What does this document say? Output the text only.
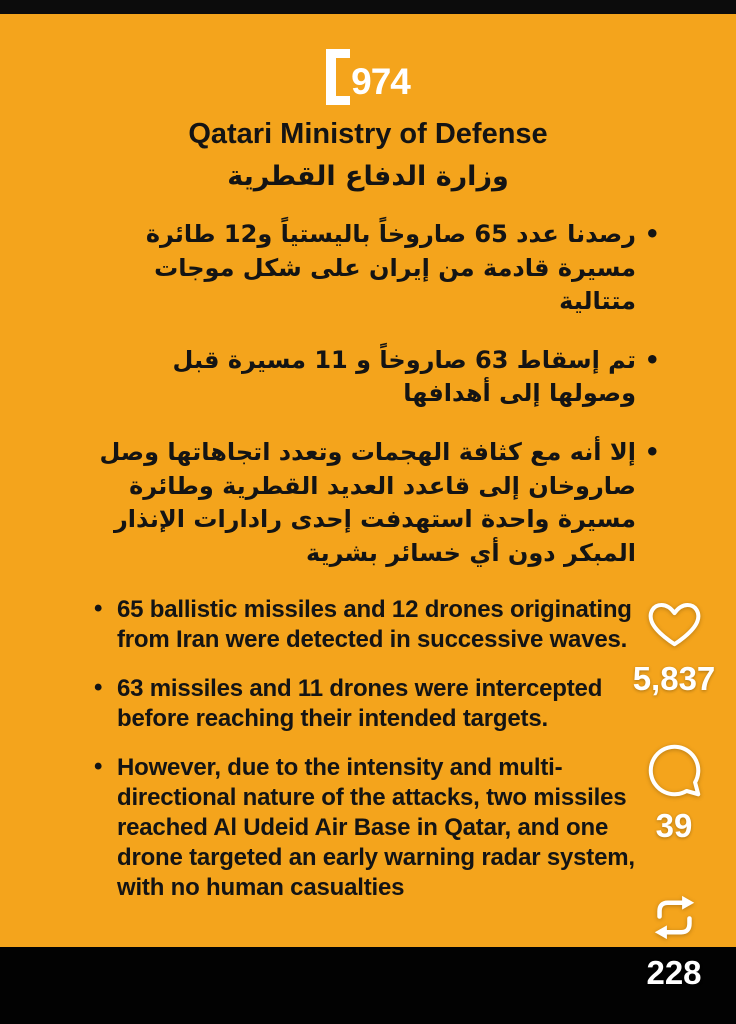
974
Qatari Ministry of Defense
وزارة الدفاع القطرية
• رصدنا عدد 65 صاروخاً باليستياً و12 طائرة مسيرة قادمة من إيران على شكل موجات متتالية
• تم إسقاط 63 صاروخاً و 11 مسيرة قبل وصولها إلى أهدافها
• إلا أنه مع كثافة الهجمات وتعدد اتجاهاتها وصل صاروخان إلى قاعدد العديد القطرية وطائرة مسيرة واحدة استهدفت إحدى رادارات الإنذار المبكر دون أي خسائر بشرية
• 65 ballistic missiles and 12 drones originating from Iran were detected in successive waves.
• 63 missiles and 11 drones were intercepted before reaching their intended targets.
• However, due to the intensity and multi-directional nature of the attacks, two missiles reached Al Udeid Air Base in Qatar, and one drone targeted an early warning radar system, with no human casualties
5,837
39
228
